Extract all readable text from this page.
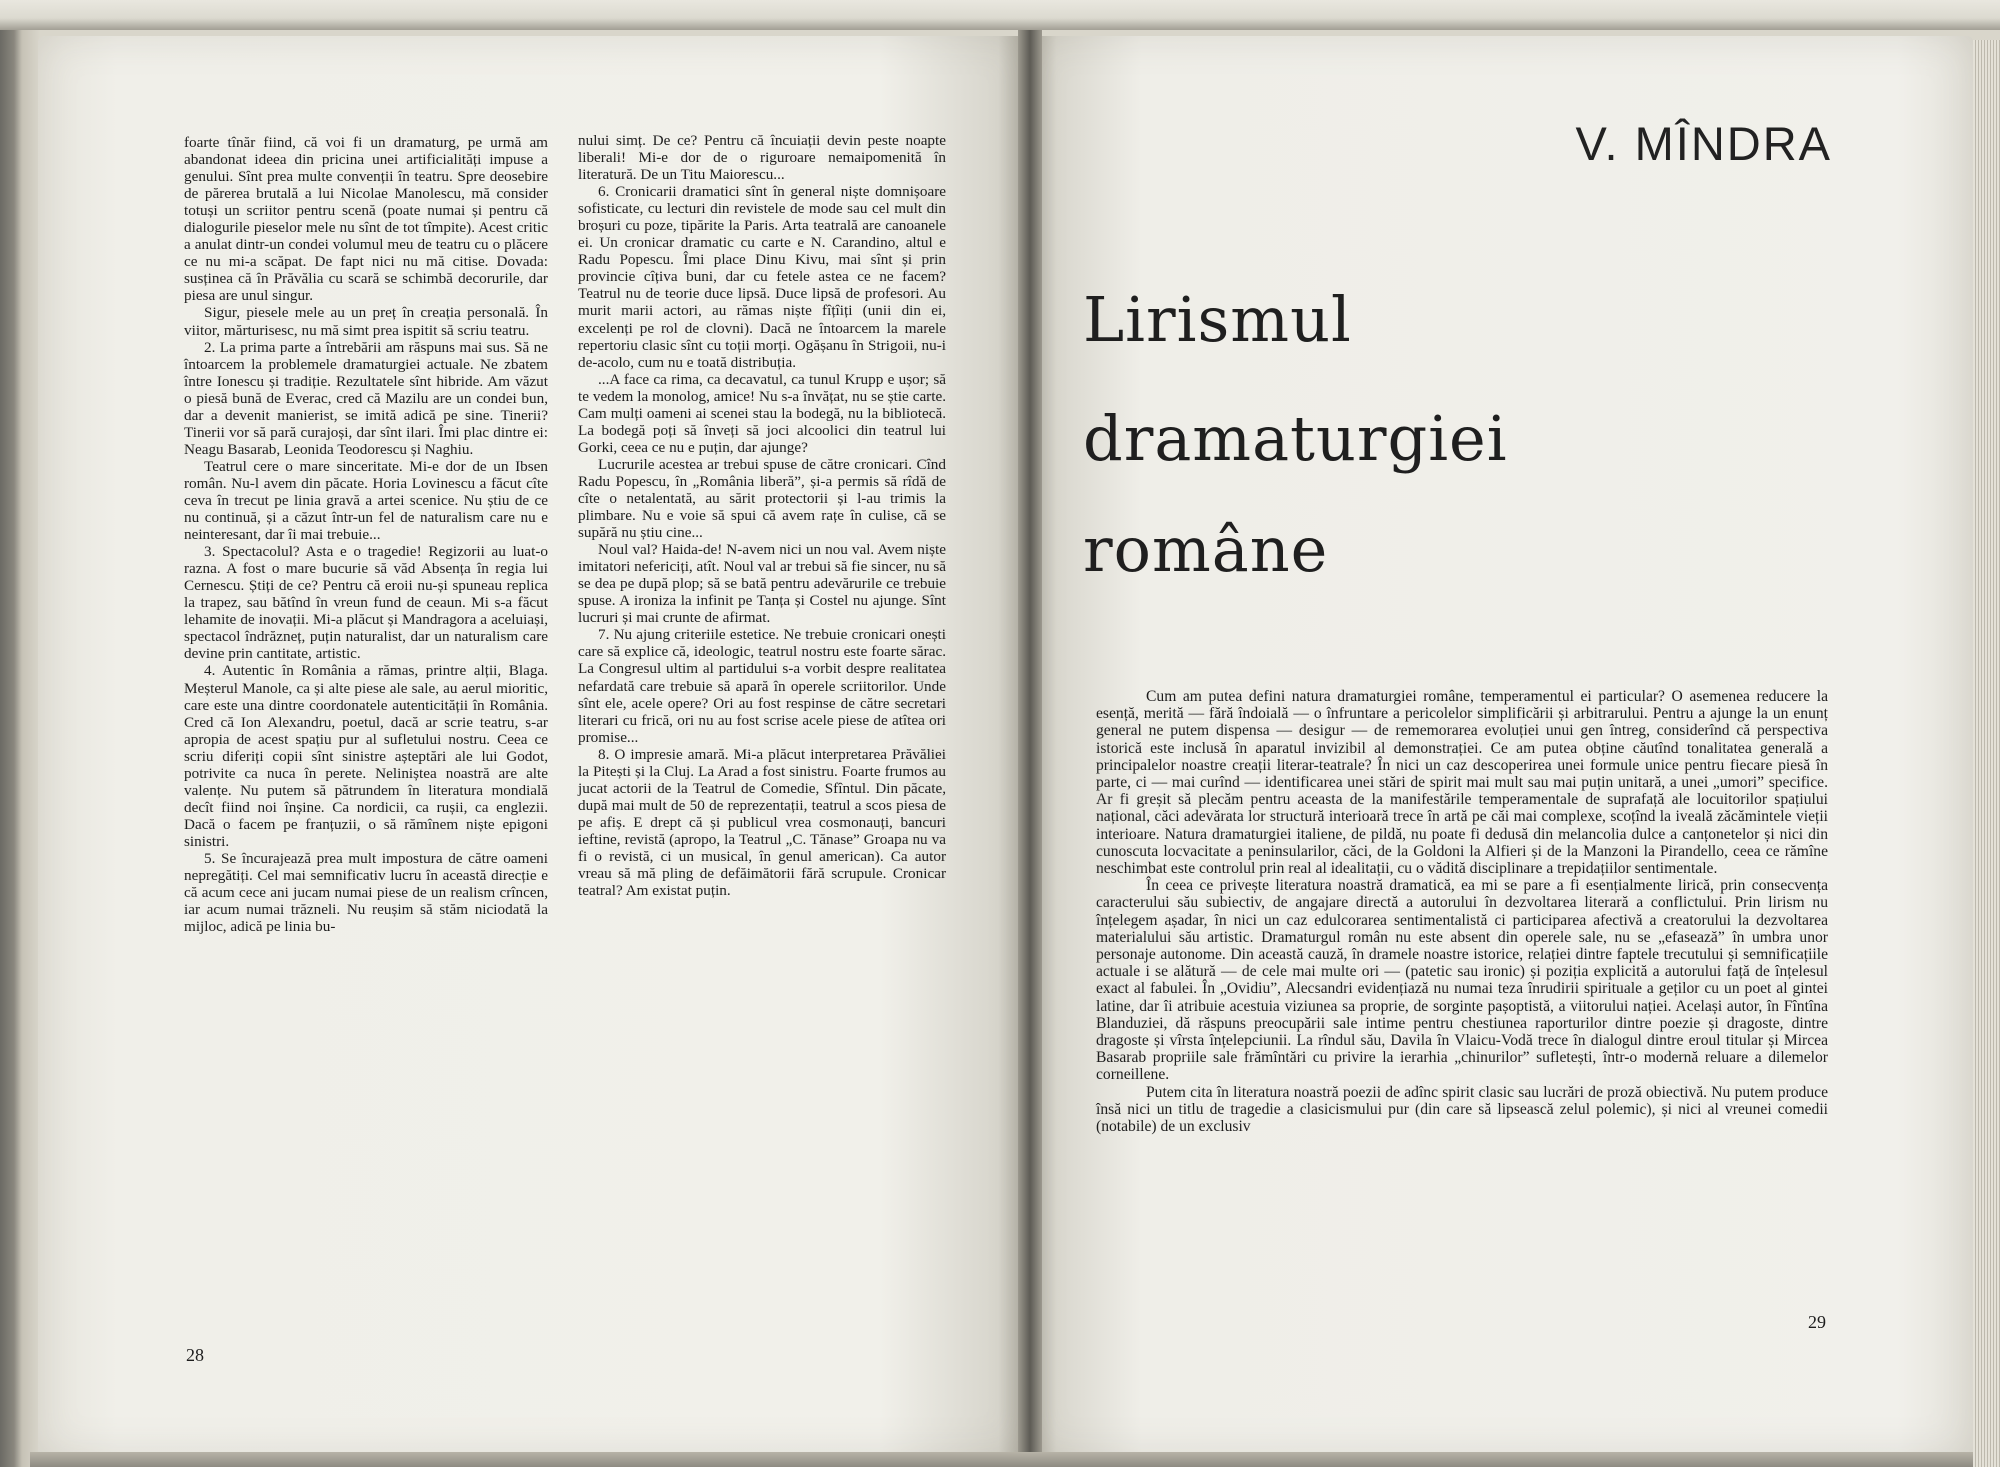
foarte tînăr fiind, că voi fi un dramaturg, pe urmă am abandonat ideea din pricina unei artificialități impuse a genului. Sînt prea multe convenții în teatru. Spre deosebire de părerea brutală a lui Nicolae Manolescu, mă consider totuși un scriitor pentru scenă (poate numai și pentru că dialogurile pieselor mele nu sînt de tot tîmpite). Acest critic a anulat dintr-un condei volumul meu de teatru cu o plăcere ce nu mi-a scăpat. De fapt nici nu mă citise. Dovada: susținea că în Prăvălia cu scară se schimbă decorurile, dar piesa are unul singur.

Sigur, piesele mele au un preț în creația personală. În viitor, mărturisesc, nu mă simt prea ispitit să scriu teatru.

2. La prima parte a întrebării am răspuns mai sus. Să ne întoarcem la problemele dramaturgiei actuale. Ne zbatem între Ionescu și tradiție. Rezultatele sînt hibride. Am văzut o piesă bună de Everac, cred că Mazilu are un condei bun, dar a devenit manierist, se imită adică pe sine. Tinerii? Tinerii vor să pară curajoși, dar sînt ilari. Îmi plac dintre ei: Neagu Basarab, Leonida Teodorescu și Naghiu.

Teatrul cere o mare sinceritate. Mi-e dor de un Ibsen român. Nu-l avem din păcate. Horia Lovinescu a făcut cîte ceva în trecut pe linia gravă a artei scenice. Nu știu de ce nu continuă, și a căzut într-un fel de naturalism care nu e neinteresant, dar îi mai trebuie...

3. Spectacolul? Asta e o tragedie! Regizorii au luat-o razna. A fost o mare bucurie să văd Absența în regia lui Cernescu. Știți de ce? Pentru că eroii nu-și spuneau replica la trapez, sau bătînd în vreun fund de ceaun. Mi s-a făcut lehamite de inovații. Mi-a plăcut și Mandragora a aceluiași, spectacol îndrăzneț, puțin naturalist, dar un naturalism care devine prin cantitate, artistic.

4. Autentic în România a rămas, printre alții, Blaga. Meșterul Manole, ca și alte piese ale sale, au aerul mioritic, care este una dintre coordonatele autenticității în România. Cred că Ion Alexandru, poetul, dacă ar scrie teatru, s-ar apropia de acest spațiu pur al sufletului nostru. Ceea ce scriu diferiți copii sînt sinistre așteptări ale lui Godot, potrivite ca nuca în perete. Neliniștea noastră are alte valențe. Nu putem să pătrundem în literatura mondială decît fiind noi înșine. Ca nordicii, ca rușii, ca englezii. Dacă o facem pe franțuzii, o să rămînem niște epigoni sinistri.

5. Se încurajează prea mult impostura de către oameni nepregătiți. Cel mai semnificativ lucru în această direcție e că acum cece ani jucam numai piese de un realism crîncen, iar acum numai trăzneli. Nu reușim să stăm niciodată la mijloc, adică pe linia bu-

nului simț. De ce? Pentru că încuiații devin peste noapte liberali! Mi-e dor de o riguroare nemaipomenită în literatură. De un Titu Maiorescu...

6. Cronicarii dramatici sînt în general niște domnișoare sofisticate, cu lecturi din revistele de mode sau cel mult din broșuri cu poze, tipărite la Paris. Arta teatrală are canoanele ei. Un cronicar dramatic cu carte e N. Carandino, altul e Radu Popescu. Îmi place Dinu Kivu, mai sînt și prin provincie cîțiva buni, dar cu fetele astea ce ne facem? Teatrul nu de teorie duce lipsă. Duce lipsă de profesori. Au murit marii actori, au rămas niște fîțîiți (unii din ei, excelenți pe rol de clovni). Dacă ne întoarcem la marele repertoriu clasic sînt cu toții morți. Ogășanu în Strigoii, nu-i de-acolo, cum nu e toată distribuția.

...A face ca rima, ca decavatul, ca tunul Krupp e ușor; să te vedem la monolog, amice! Nu s-a învățat, nu se știe carte. Cam mulți oameni ai scenei stau la bodegă, nu la bibliotecă. La bodegă poți să înveți să joci alcoolici din teatrul lui Gorki, ceea ce nu e puțin, dar ajunge?

Lucrurile acestea ar trebui spuse de către cronicari. Cînd Radu Popescu, în „România liberă”, și-a permis să rîdă de cîte o netalentată, au sărit protectorii și l-au trimis la plimbare. Nu e voie să spui că avem rațe în culise, că se supără nu știu cine...

Noul val? Haida-de! N-avem nici un nou val. Avem niște imitatori nefericiți, atît. Noul val ar trebui să fie sincer, nu să se dea pe după plop; să se bată pentru adevărurile ce trebuie spuse. A ironiza la infinit pe Tanța și Costel nu ajunge. Sînt lucruri și mai crunte de afirmat.

7. Nu ajung criteriile estetice. Ne trebuie cronicari onești care să explice că, ideologic, teatrul nostru este foarte sărac. La Congresul ultim al partidului s-a vorbit despre realitatea nefardată care trebuie să apară în operele scriitorilor. Unde sînt ele, acele opere? Ori au fost respinse de către secretari literari cu frică, ori nu au fost scrise acele piese de atîtea ori promise...

8. O impresie amară. Mi-a plăcut interpretarea Prăvăliei la Pitești și la Cluj. La Arad a fost sinistru. Foarte frumos au jucat actorii de la Teatrul de Comedie, Sfîntul. Din păcate, după mai mult de 50 de reprezentații, teatrul a scos piesa de pe afiș. E drept că și publicul vrea cosmonauți, bancuri ieftine, revistă (apropo, la Teatrul „C. Tănase” Groapa nu va fi o revistă, ci un musical, în genul american). Ca autor vreau să mă pling de defăimătorii fără scrupule. Cronicar teatral? Am existat puțin.

28
V. MÎNDRA
Lirismul
dramaturgiei
române

Cum am putea defini natura dramaturgiei române, temperamentul ei particular? O asemenea reducere la esență, merită — fără îndoială — o înfruntare a pericolelor simplificării și arbitrarului. Pentru a ajunge la un enunț general ne putem dispensa — desigur — de rememorarea evoluției unui gen întreg, considerînd că perspectiva istorică este inclusă în aparatul invizibil al demonstrației. Ce am putea obține căutînd tonalitatea generală a principalelor noastre creații literar-teatrale? În nici un caz descoperirea unei formule unice pentru fiecare piesă în parte, ci — mai curînd — identificarea unei stări de spirit mai mult sau mai puțin unitară, a unei „umori” specifice. Ar fi greșit să plecăm pentru aceasta de la manifestările temperamentale de suprafață ale locuitorilor spațiului național, căci adevărata lor structură interioară trece în artă pe căi mai complexe, scoțînd la iveală zăcămintele vieții interioare. Natura dramaturgiei italiene, de pildă, nu poate fi dedusă din melancolia dulce a canțonetelor și nici din cunoscuta locvacitate a peninsularilor, căci, de la Goldoni la Alfieri și de la Manzoni la Pirandello, ceea ce rămîne neschimbat este controlul prin real al idealitații, cu o vădită disciplinare a trepidațiilor sentimentale.

În ceea ce privește literatura noastră dramatică, ea mi se pare a fi esențialmente lirică, prin consecvența caracterului său subiectiv, de angajare directă a autorului în dezvoltarea literară a conflictului. Prin lirism nu înțelegem așadar, în nici un caz edulcorarea sentimentalistă ci participarea afectivă a creatorului la dezvoltarea materialului său artistic. Dramaturgul român nu este absent din operele sale, nu se „efasează” în umbra unor personaje autonome. Din această cauză, în dramele noastre istorice, relației dintre faptele trecutului și semnificațiile actuale i se alătură — de cele mai multe ori — (patetic sau ironic) și poziția explicită a autorului față de înțelesul exact al fabulei. În „Ovidiu”, Alecsandri evidențiază nu numai teza înrudirii spirituale a geților cu un poet al gintei latine, dar îi atribuie acestuia viziunea sa proprie, de sorginte pașoptistă, a viitorului nației. Același autor, în Fîntîna Blanduziei, dă răspuns preocupării sale intime pentru chestiunea raporturilor dintre poezie și dragoste, dintre dragoste și vîrsta înțelepciunii. La rîndul său, Davila în Vlaicu-Vodă trece în dialogul dintre eroul titular și Mircea Basarab propriile sale frămîntări cu privire la ierarhia „chinurilor” sufletești, într-o modernă reluare a dilemelor corneillene.

Putem cita în literatura noastră poezii de adînc spirit clasic sau lucrări de proză obiectivă. Nu putem produce însă nici un titlu de tragedie a clasicismului pur (din care să lipsească zelul polemic), și nici al vreunei comedii (notabile) de un exclusiv

29
